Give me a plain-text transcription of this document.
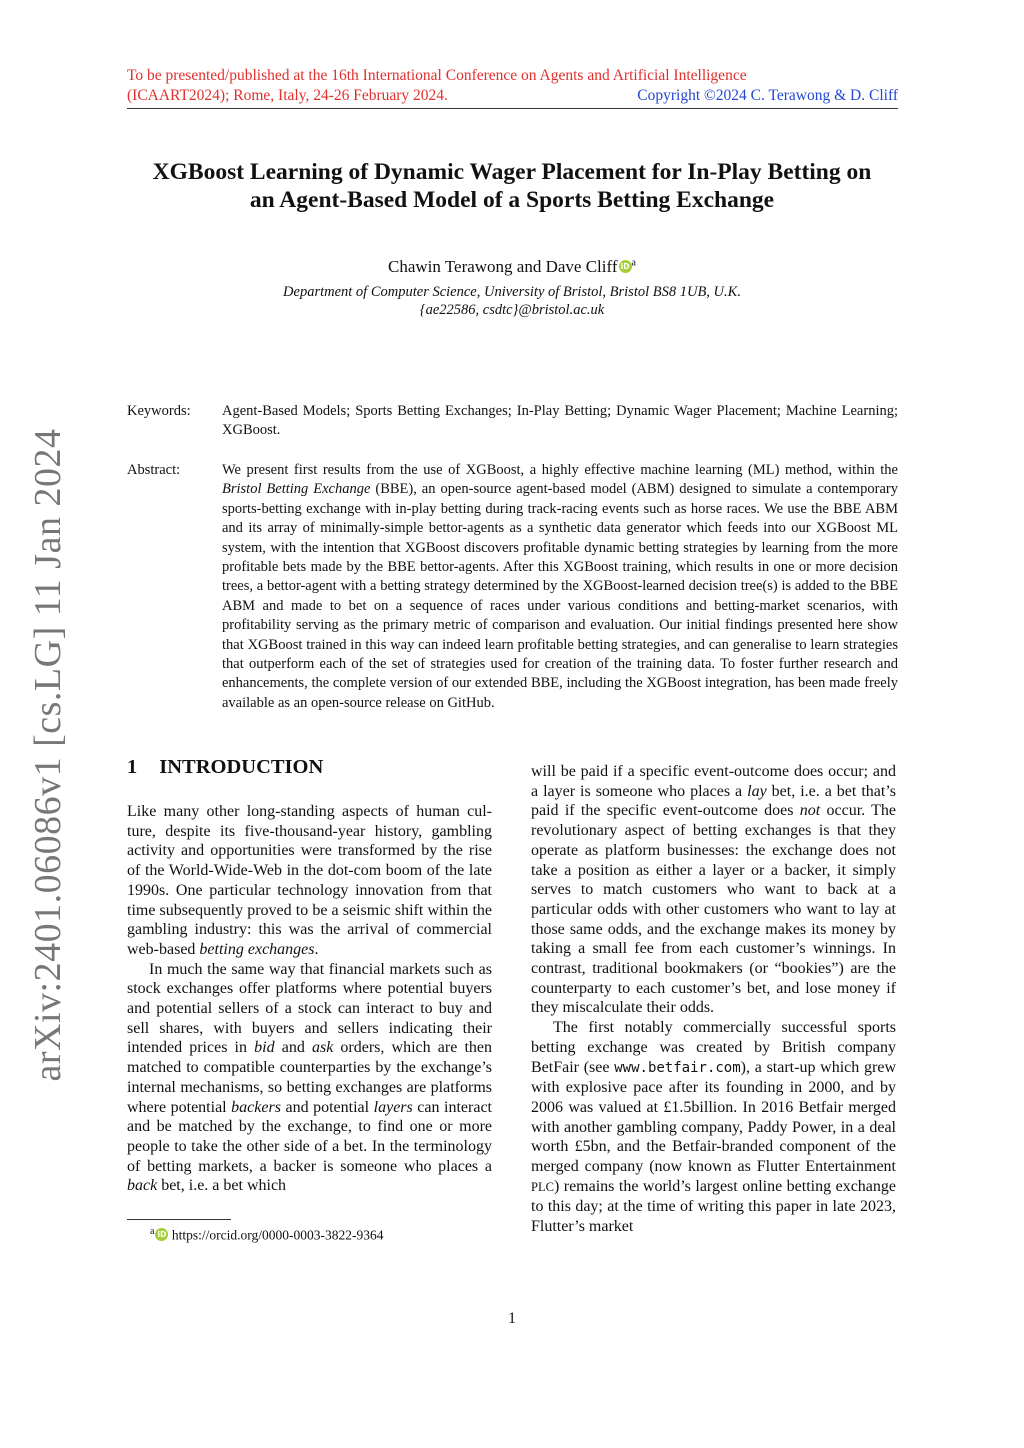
To be presented/published at the 16th International Conference on Agents and Artificial Intelligence
(ICAART2024); Rome, Italy, 24-26 February 2024.	Copyright ©2024 C. Terawong & D. Cliff
XGBoost Learning of Dynamic Wager Placement for In-Play Betting on
an Agent-Based Model of a Sports Betting Exchange
Chawin Terawong and Dave Cliff iD $^a$
Department of Computer Science, University of Bristol, Bristol BS8 1UB, U.K.
{ae22586, csdtc}@bristol.ac.uk
Keywords:	Agent-Based Models; Sports Betting Exchanges; In-Play Betting; Dynamic Wager Placement; Machine Learning; XGBoost.
Abstract:	We present first results from the use of XGBoost, a highly effective machine learning (ML) method, within the Bristol Betting Exchange (BBE), an open-source agent-based model (ABM) designed to simulate a contemporary sports-betting exchange with in-play betting during track-racing events such as horse races. We use the BBE ABM and its array of minimally-simple bettor-agents as a synthetic data generator which feeds into our XGBoost ML system, with the intention that XGBoost discovers profitable dynamic betting strategies by learning from the more profitable bets made by the BBE bettor-agents. After this XGBoost training, which results in one or more decision trees, a bettor-agent with a betting strategy determined by the XGBoost-learned decision tree(s) is added to the BBE ABM and made to bet on a sequence of races under various conditions and betting-market scenarios, with profitability serving as the primary metric of comparison and evaluation. Our initial findings presented here show that XGBoost trained in this way can indeed learn profitable betting strategies, and can generalise to learn strategies that outperform each of the set of strategies used for creation of the training data. To foster further research and enhancements, the complete version of our extended BBE, including the XGBoost integration, has been made freely available as an open-source release on GitHub.
arXiv:2401.06086v1 [cs.LG] 11 Jan 2024	1 INTRODUCTION

Like many other long-standing aspects of human culture, despite its five-thousand-year history, gambling activity and opportunities were transformed by the rise of the World-Wide-Web in the dot-com boom of the late 1990s. One particular technology innovation from that time subsequently proved to be a seismic shift within the gambling industry: this was the arrival of commercial web-based betting exchanges.

In much the same way that financial markets such as stock exchanges offer platforms where potential buyers and potential sellers of a stock can interact to buy and sell shares, with buyers and sellers indicating their intended prices in bid and ask orders, which are then matched to compatible counterparties by the exchange’s internal mechanisms, so betting exchanges are platforms where potential backers and potential layers can interact and be matched by the exchange, to find one or more people to take the other side of a bet. In the terminology of betting markets, a backer is someone who places a back bet, i.e. a bet which

will be paid if a specific event-outcome does occur; and a layer is someone who places a lay bet, i.e. a bet that’s paid if the specific event-outcome does not occur. The revolutionary aspect of betting exchanges is that they operate as platform businesses: the exchange does not take a position as either a layer or a backer, it simply serves to match customers who want to back at a particular odds with other customers who want to lay at those same odds, and the exchange makes its money by taking a small fee from each customer’s winnings. In contrast, traditional bookmakers (or “bookies”) are the counterparty to each customer’s bet, and lose money if they miscalculate their odds.

The first notably commercially successful sports betting exchange was created by British company BetFair (see www.betfair.com), a start-up which grew with explosive pace after its founding in 2000, and by 2006 was valued at £1.5billion. In 2016 Betfair merged with another gambling company, Paddy Power, in a deal worth £5bn, and the Betfair-branded component of the merged company (now known as Flutter Entertainment PLC) remains the world’s largest online betting exchange to this day; at the time of writing this paper in late 2023, Flutter’s market

$^a$ iD https://orcid.org/0000-0003-3822-9364
1
